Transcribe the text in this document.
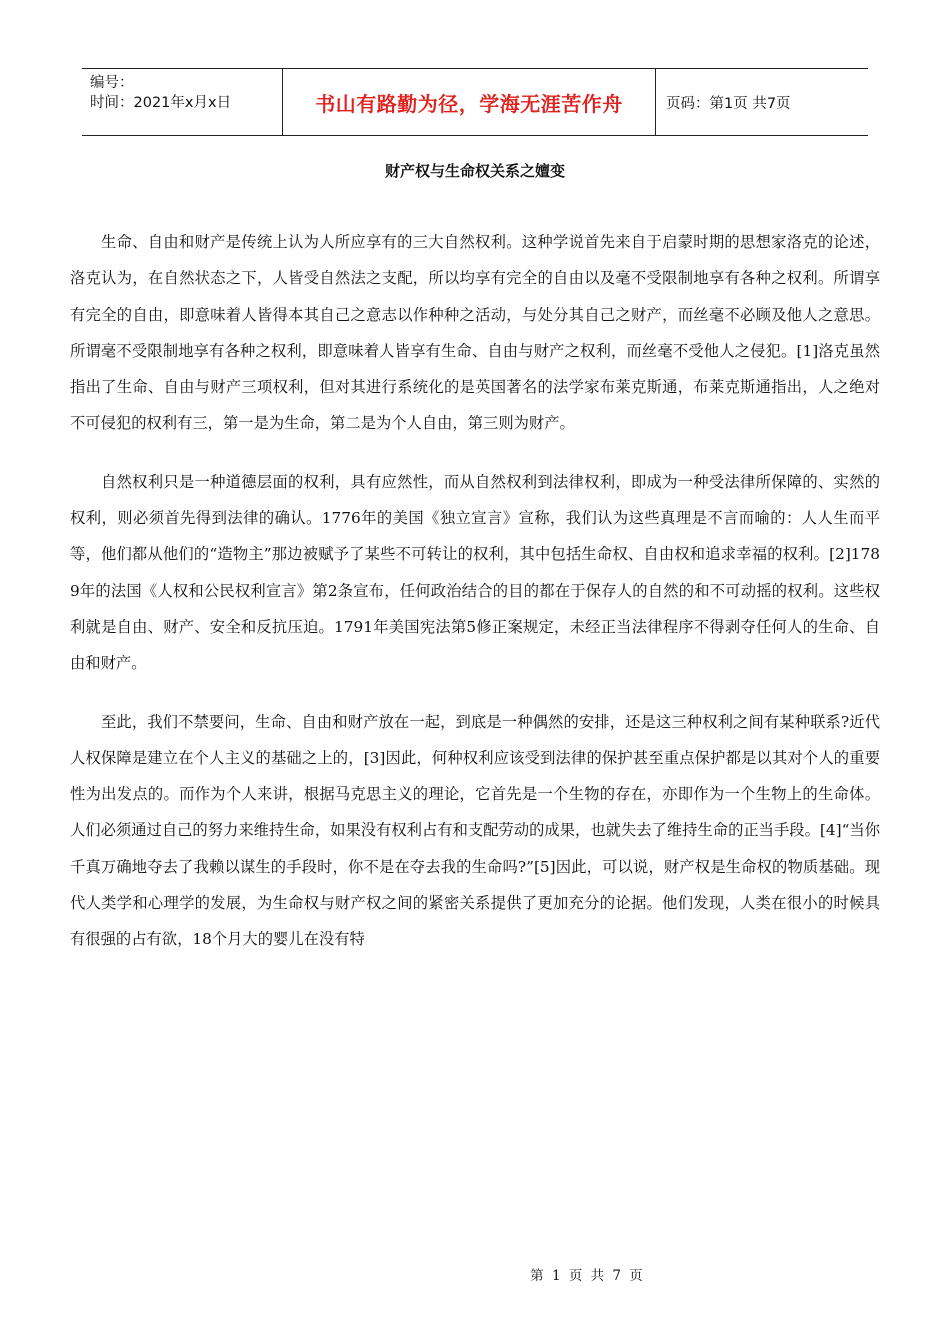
编号：
时间：2021年x月x日	书山有路勤为径，学海无涯苦作舟	页码：第1页 共7页
财产权与生命权关系之嬗变

生命、自由和财产是传统上认为人所应享有的三大自然权利。这种学说首先来自于启蒙时期的思想家洛克的论述，洛克认为，在自然状态之下，人皆受自然法之支配，所以均享有完全的自由以及毫不受限制地享有各种之权利。所谓享有完全的自由，即意味着人皆得本其自己之意志以作种种之活动，与处分其自己之财产，而丝毫不必顾及他人之意思。所谓毫不受限制地享有各种之权利，即意味着人皆享有生命、自由与财产之权利，而丝毫不受他人之侵犯。[1]洛克虽然指出了生命、自由与财产三项权利，但对其进行系统化的是英国著名的法学家布莱克斯通，布莱克斯通指出，人之绝对不可侵犯的权利有三，第一是为生命，第二是为个人自由，第三则为财产。

自然权利只是一种道德层面的权利，具有应然性，而从自然权利到法律权利，即成为一种受法律所保障的、实然的权利，则必须首先得到法律的确认。1776年的美国《独立宣言》宣称，我们认为这些真理是不言而喻的：人人生而平等，他们都从他们的“造物主”那边被赋予了某些不可转让的权利，其中包括生命权、自由权和追求幸福的权利。[2]1789年的法国《人权和公民权利宣言》第2条宣布，任何政治结合的目的都在于保存人的自然的和不可动摇的权利。这些权利就是自由、财产、安全和反抗压迫。1791年美国宪法第5修正案规定，未经正当法律程序不得剥夺任何人的生命、自由和财产。

至此，我们不禁要问，生命、自由和财产放在一起，到底是一种偶然的安排，还是这三种权利之间有某种联系?近代人权保障是建立在个人主义的基础之上的，[3]因此，何种权利应该受到法律的保护甚至重点保护都是以其对个人的重要性为出发点的。而作为个人来讲，根据马克思主义的理论，它首先是一个生物的存在，亦即作为一个生物上的生命体。人们必须通过自己的努力来维持生命，如果没有权利占有和支配劳动的成果，也就失去了维持生命的正当手段。[4]“当你千真万确地夺去了我赖以谋生的手段时，你不是在夺去我的生命吗?”[5]因此，可以说，财产权是生命权的物质基础。现代人类学和心理学的发展，为生命权与财产权之间的紧密关系提供了更加充分的论据。他们发现，人类在很小的时候具有很强的占有欲，18个月大的婴儿在没有特

第 1 页 共 7 页
